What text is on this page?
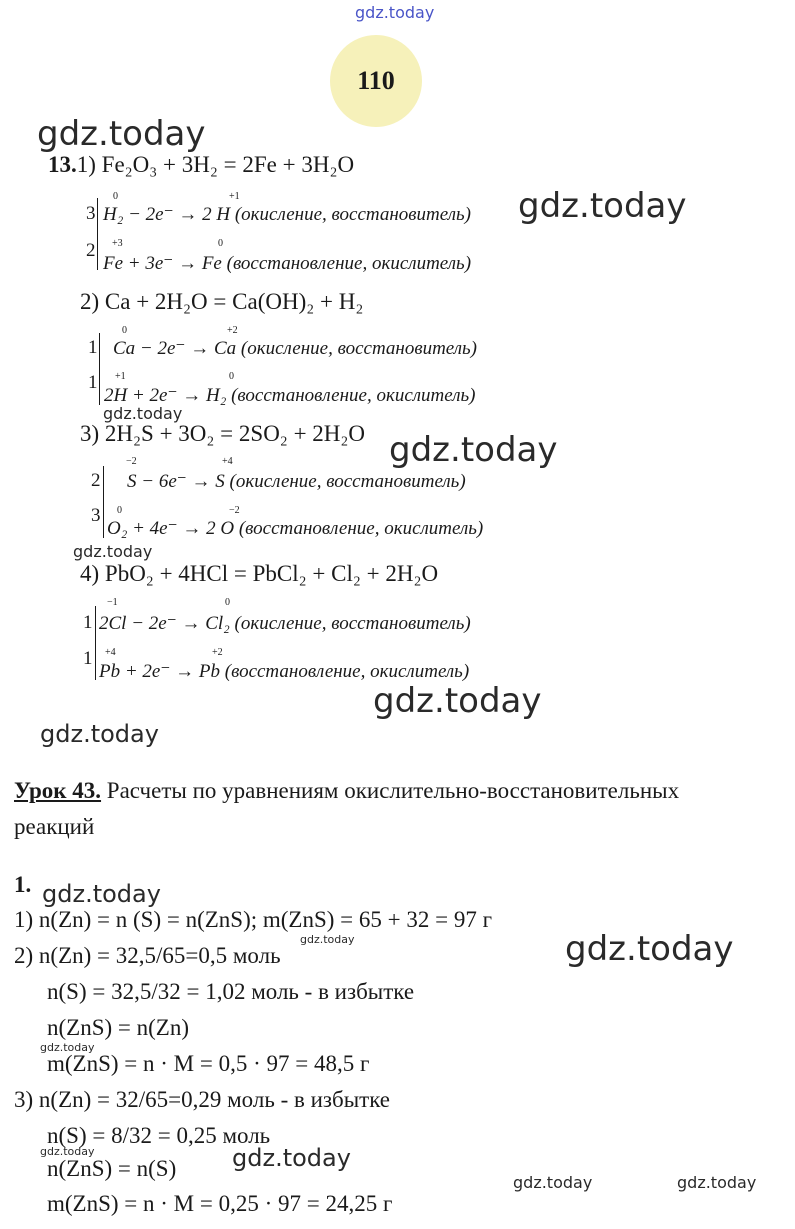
gdz.today
gdz.today
gdz.today
gdz.today
gdz.today
gdz.today
gdz.today
gdz.today
gdz.today
gdz.today	gdz.today
gdz.today
gdz.today	gdz.today
gdz.today	gdz.today
110
13.1) Fe₂O₃ + 3H₂ = 2Fe + 3H₂O
3
0	+1
H₂ − 2e⁻ → 2 H (окисление, восстановитель)
2 +3	0
Fe + 3e⁻ → Fe (восстановление, окислитель)
2) Ca + 2H₂O = Ca(OH)₂ + H₂
1
0	+2
Ca − 2e⁻ → Ca (окисление, восстановитель)
1 +1	0
2H + 2e⁻ → H₂ (восстановление, окислитель)
3) 2H₂S + 3O₂ = 2SO₂ + 2H₂O
2
−2	+4
S − 6e⁻ → S (окисление, восстановитель)
3 0	−2
O₂ + 4e⁻ → 2 O (восстановление, окислитель)
4) PbO₂ + 4HCl = PbCl₂ + Cl₂ + 2H₂O
1
−1	0
2Cl − 2e⁻ → Cl₂ (окисление, восстановитель)
1 +4	+2
Pb + 2e⁻ → Pb (восстановление, окислитель)
Урок 43. Расчеты по уравнениям окислительно-восстановительных
реакций
1.
1) n(Zn) = n (S) = n(ZnS); m(ZnS) = 65 + 32 = 97 г
2) n(Zn) = 32,5/65=0,5 моль
n(S) = 32,5/32 = 1,02 моль - в избытке
n(ZnS) = n(Zn)
m(ZnS) = n · M = 0,5 · 97 = 48,5 г
3) n(Zn) = 32/65=0,29 моль - в избытке
n(S) = 8/32 = 0,25 моль
n(ZnS) = n(S)
m(ZnS) = n · M = 0,25 · 97 = 24,25 г
